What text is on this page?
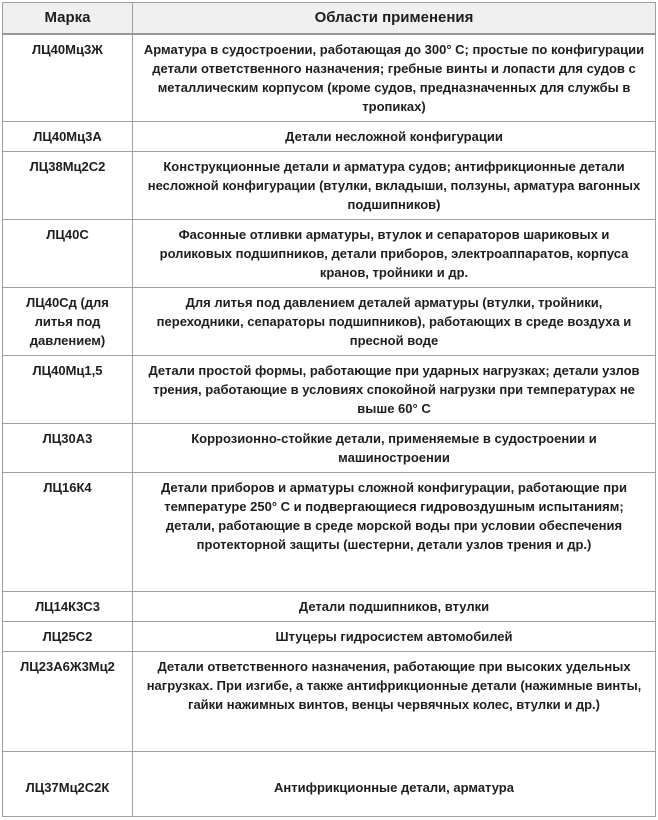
Марка	Области применения
ЛЦ40Мц3Ж	Арматура в судостроении, работающая до 300° С; простые по конфигурации детали ответственного назначения; гребные винты и лопасти для судов с металлическим корпусом (кроме судов, предназначенных для службы в тропиках)
ЛЦ40Мц3А	Детали несложной конфигурации
ЛЦ38Мц2С2	Конструкционные детали и арматура судов; антифрикционные детали несложной конфигурации (втулки, вкладыши, ползуны, арматура вагонных подшипников)
ЛЦ40С	Фасонные отливки арматуры, втулок и сепараторов шариковых и роликовых подшипников, детали приборов, электроаппаратов, корпуса кранов, тройники и др.
ЛЦ40Сд (для литья под давлением)	Для литья под давлением деталей арматуры (втулки, тройники, переходники, сепараторы подшипников), работающих в среде воздуха и пресной воде
ЛЦ40Мц1,5	Детали простой формы, работающие при ударных нагрузках; детали узлов трения, работающие в условиях спокойной нагрузки при температурах не выше 60° С
ЛЦ30А3	Коррозионно-стойкие детали, применяемые в судостроении и машиностроении
ЛЦ16К4	Детали приборов и арматуры сложной конфигурации, работающие при температуре 250° С и подвергающиеся гидровоздушным испытаниям; детали, работающие в среде морской воды при условии обеспечения протекторной защиты (шестерни, детали узлов трения и др.)
ЛЦ14К3С3	Детали подшипников, втулки
ЛЦ25С2	Штуцеры гидросистем автомобилей
ЛЦ23А6Ж3Мц2	Детали ответственного назначения, работающие при высоких удельных нагрузках. При изгибе, а также антифрикционные детали (нажимные винты, гайки нажимных винтов, венцы червячных колес, втулки и др.)
ЛЦ37Мц2С2К	Антифрикционные детали, арматура
